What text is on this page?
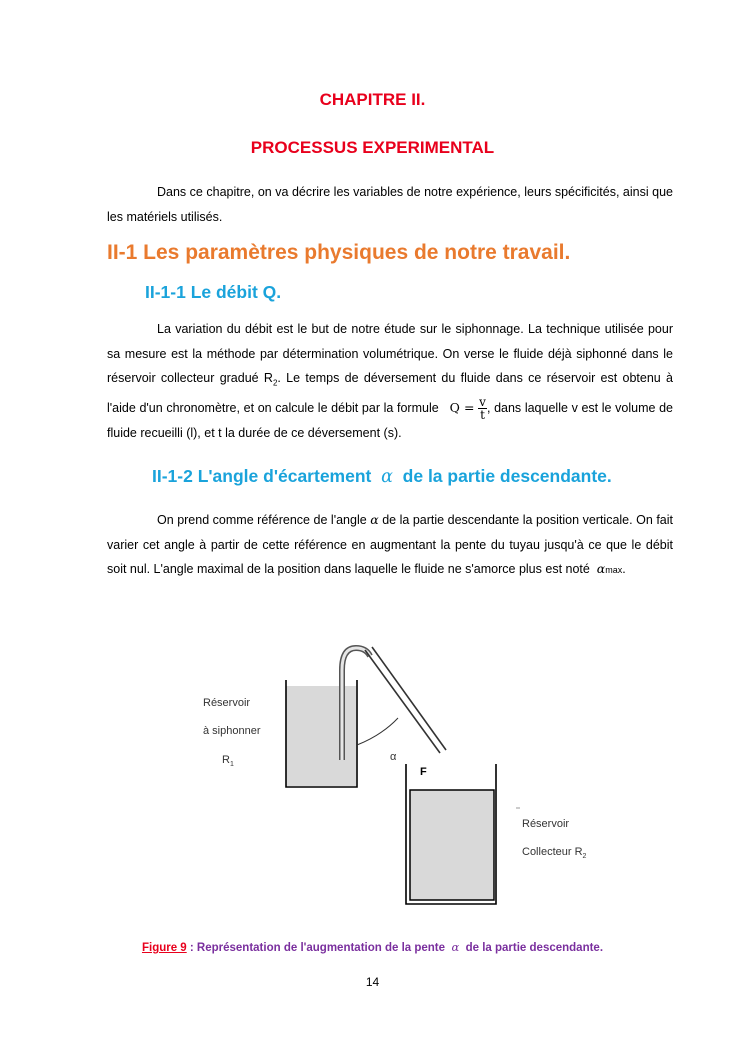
CHAPITRE II.
PROCESSUS EXPERIMENTAL
Dans ce chapitre, on va décrire les variables de notre expérience, leurs spécificités, ainsi que les matériels utilisés.
II-1 Les paramètres physiques de notre travail.
II-1-1 Le débit Q.
La variation du débit est le but de notre étude sur le siphonnage. La technique utilisée pour sa mesure est la méthode par détermination volumétrique. On verse le fluide déjà siphonné dans le réservoir collecteur gradué $R_2$. Le temps de déversement du fluide dans ce réservoir est obtenu à l'aide d'un chronomètre, et on calcule le débit par la formule $Q = \frac{v}{t}$ , dans laquelle v est le volume de fluide recueilli (l), et t la durée de ce déversement (s).
II-1-2 L'angle d'écartement α de la partie descendante.
On prend comme référence de l'angle α de la partie descendante la position verticale. On fait varier cet angle à partir de cette référence en augmentant la pente du tuyau jusqu'à ce que le débit soit nul. L'angle maximal de la position dans laquelle le fluide ne s'amorce plus est noté αmax.
Réservoir
à siphonner
$R_1$
α
F
Réservoir
Collecteur $R_2$
Figure 9 : Représentation de l'augmentation de la pente α de la partie descendante.
14
